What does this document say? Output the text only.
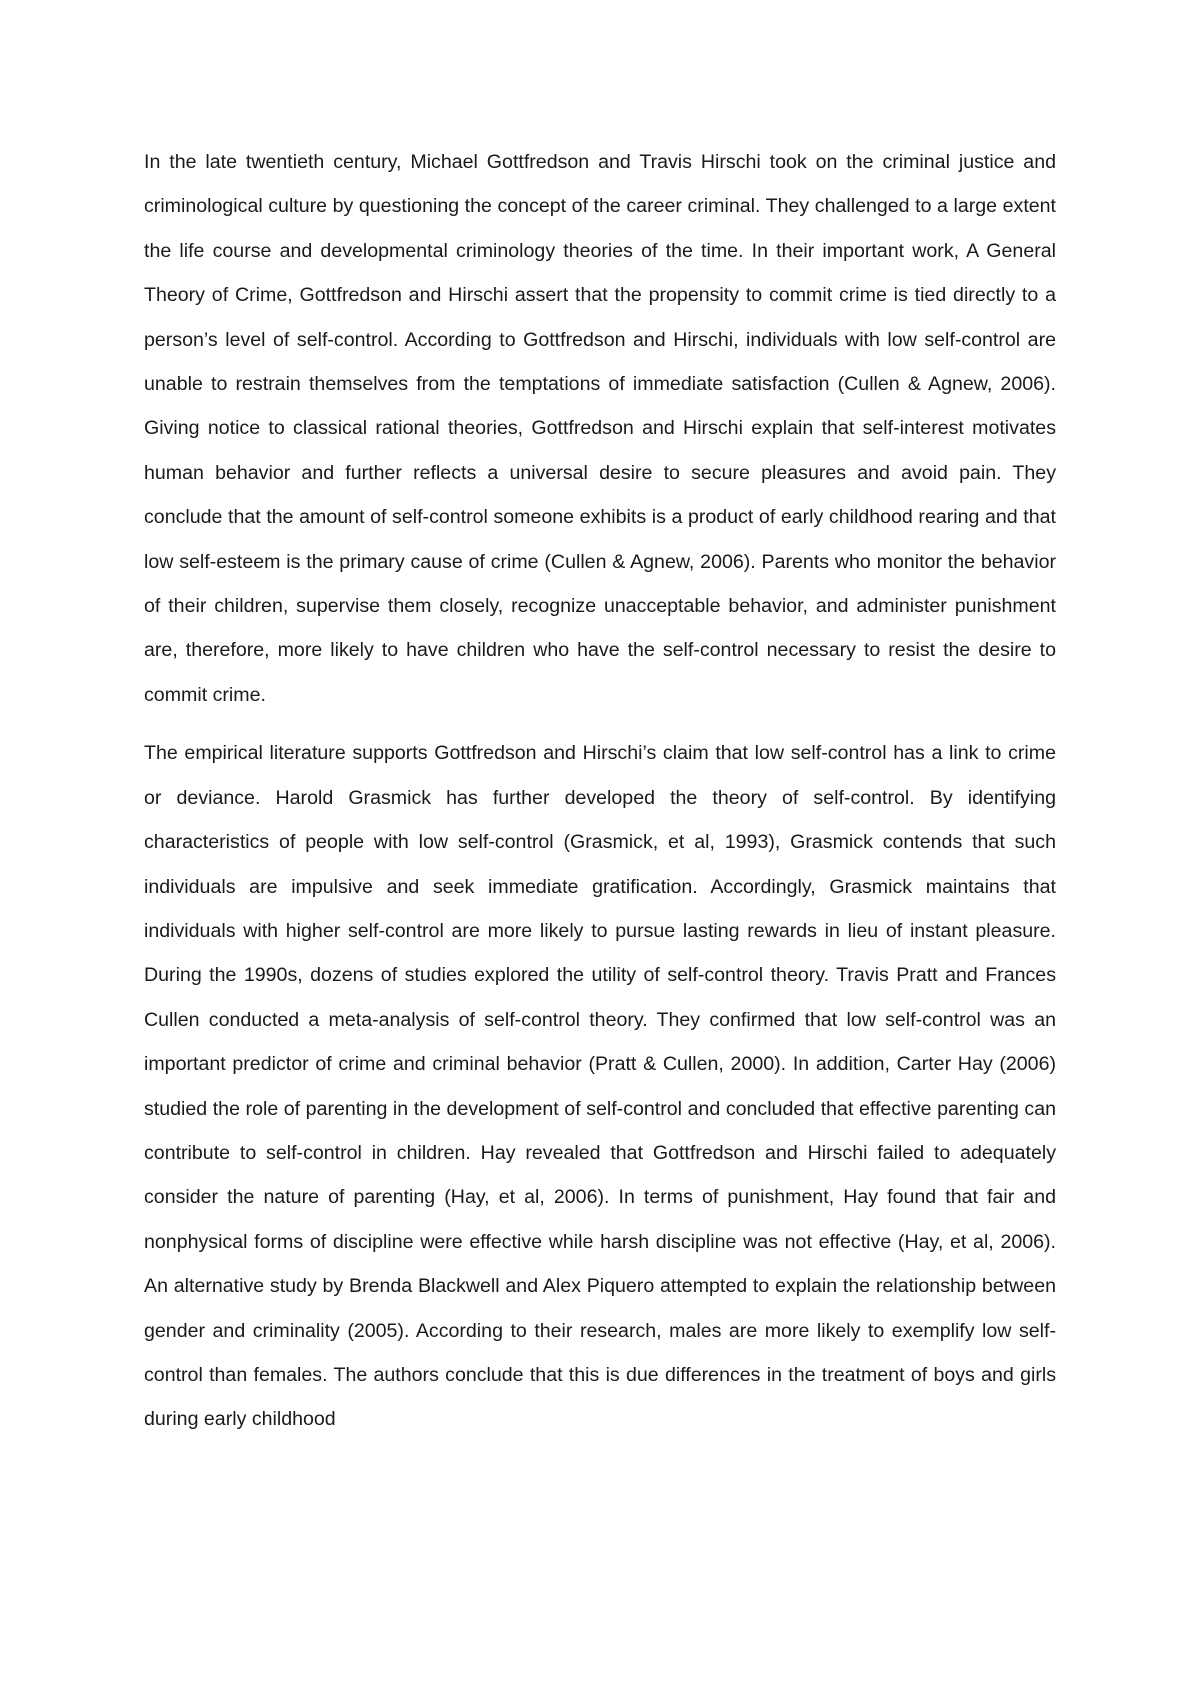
In the late twentieth century, Michael Gottfredson and Travis Hirschi took on the criminal justice and criminological culture by questioning the concept of the career criminal. They challenged to a large extent the life course and developmental criminology theories of the time. In their important work, A General Theory of Crime, Gottfredson and Hirschi assert that the propensity to commit crime is tied directly to a person’s level of self-control. According to Gottfredson and Hirschi, individuals with low self-control are unable to restrain themselves from the temptations of immediate satisfaction (Cullen & Agnew, 2006). Giving notice to classical rational theories, Gottfredson and Hirschi explain that self-interest motivates human behavior and further reflects a universal desire to secure pleasures and avoid pain. They conclude that the amount of self-control someone exhibits is a product of early childhood rearing and that low self-esteem is the primary cause of crime (Cullen & Agnew, 2006). Parents who monitor the behavior of their children, supervise them closely, recognize unacceptable behavior, and administer punishment are, therefore, more likely to have children who have the self-control necessary to resist the desire to commit crime.

The empirical literature supports Gottfredson and Hirschi’s claim that low self-control has a link to crime or deviance. Harold Grasmick has further developed the theory of self-control. By identifying characteristics of people with low self-control (Grasmick, et al, 1993), Grasmick contends that such individuals are impulsive and seek immediate gratification. Accordingly, Grasmick maintains that individuals with higher self-control are more likely to pursue lasting rewards in lieu of instant pleasure. During the 1990s, dozens of studies explored the utility of self-control theory. Travis Pratt and Frances Cullen conducted a meta-analysis of self-control theory. They confirmed that low self-control was an important predictor of crime and criminal behavior (Pratt & Cullen, 2000). In addition, Carter Hay (2006) studied the role of parenting in the development of self-control and concluded that effective parenting can contribute to self-control in children. Hay revealed that Gottfredson and Hirschi failed to adequately consider the nature of parenting (Hay, et al, 2006). In terms of punishment, Hay found that fair and nonphysical forms of discipline were effective while harsh discipline was not effective (Hay, et al, 2006). An alternative study by Brenda Blackwell and Alex Piquero attempted to explain the relationship between gender and criminality (2005). According to their research, males are more likely to exemplify low self-control than females. The authors conclude that this is due differences in the treatment of boys and girls during early childhood
